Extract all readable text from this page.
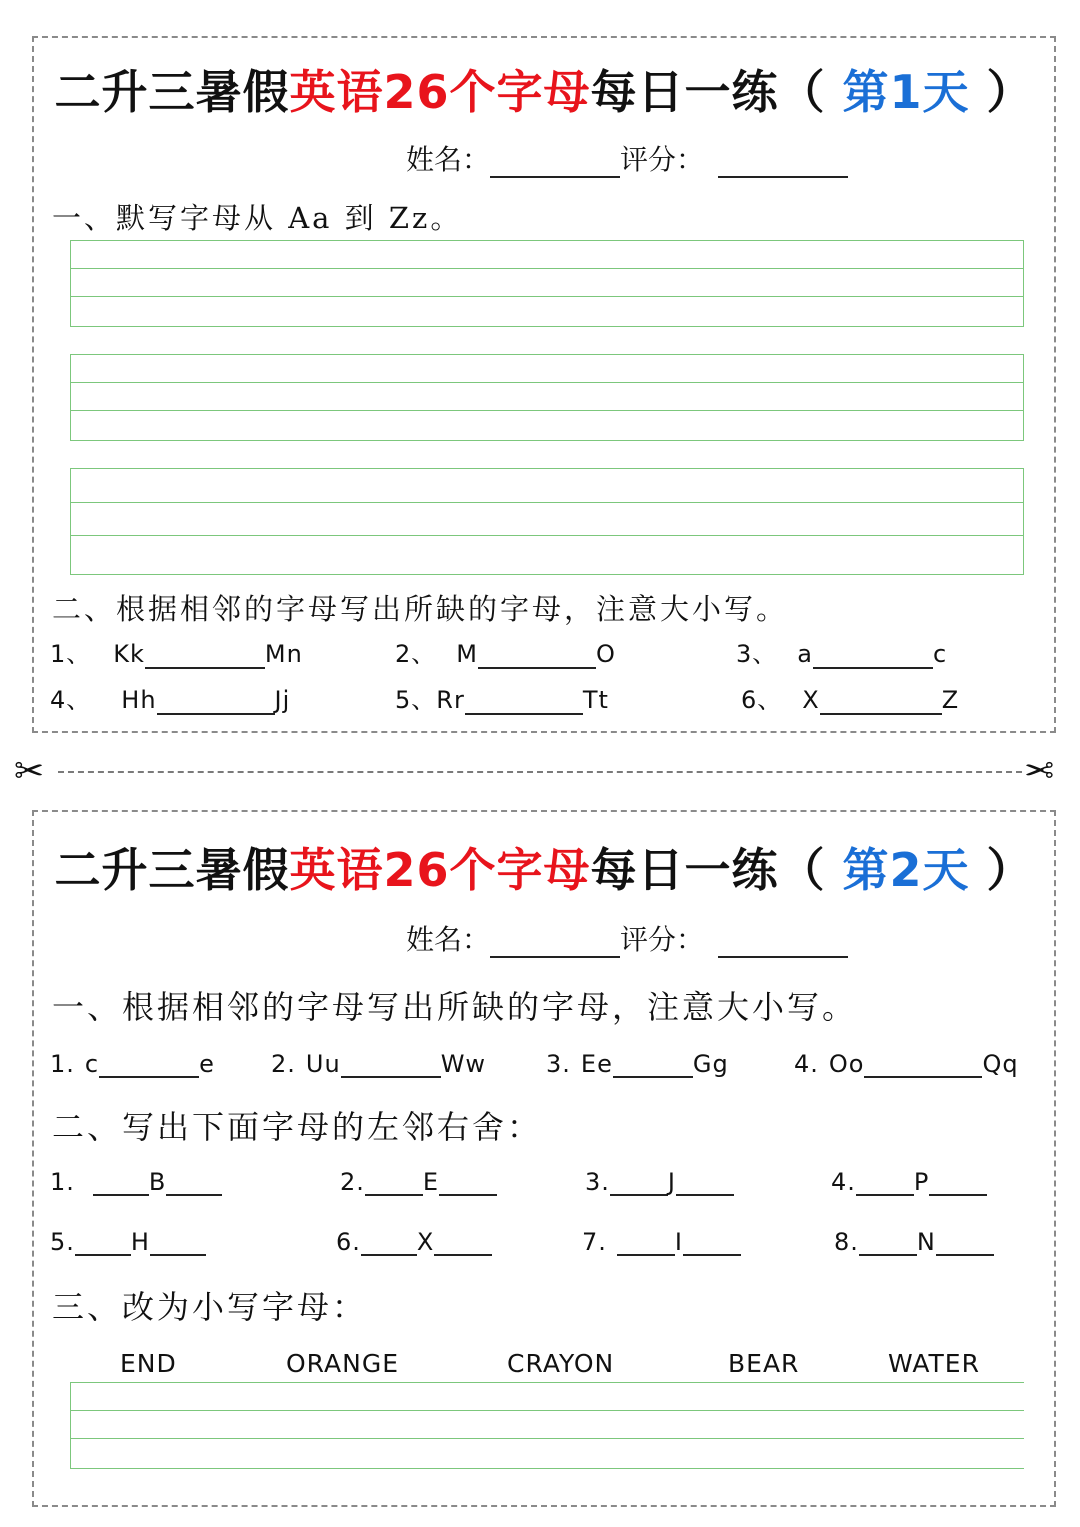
二升三暑假英语26个字母每日一练（ 第1天 ）
姓名：	评分：
一、默写字母从 Aa 到 Zz。
二、根据相邻的字母写出所缺的字母，注意大小写。
1、 Kk	Mn	2、 M	O	3、 a	c
4、 Hh	Jj	5、Rr	Tt	6、 X	Z
✂	✂
二升三暑假英语26个字母每日一练（ 第2天 ）
姓名：	评分：
一、根据相邻的字母写出所缺的字母，注意大小写。
1. c	e 2. Uu	Ww 3. Ee	Gg	4. Oo	Qq
二、写出下面字母的左邻右舍：
1.	B	2. E	3. J	4. P
5. H	6. X	7.	I	8. N
三、改为小写字母：
END	ORANGE	CRAYON	BEAR	WATER
